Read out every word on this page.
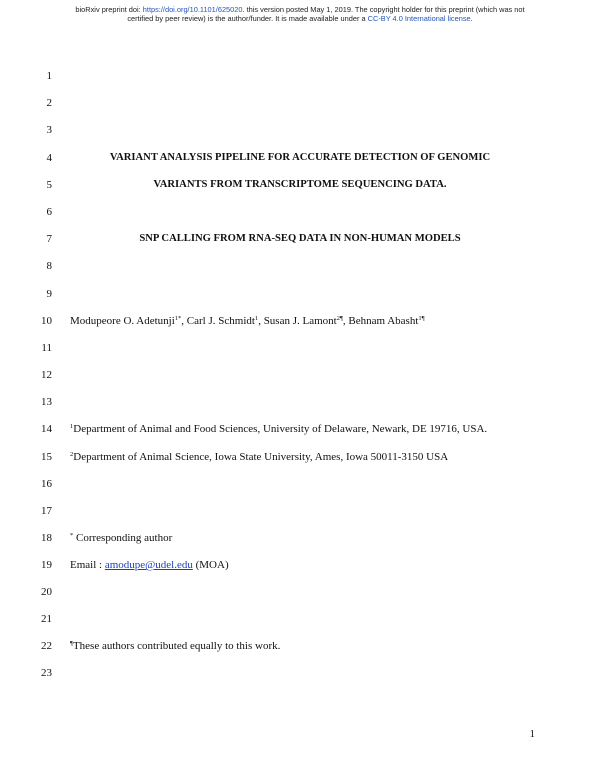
bioRxiv preprint doi: https://doi.org/10.1101/625020. this version posted May 1, 2019. The copyright holder for this preprint (which was not
certified by peer review) is the author/funder. It is made available under a CC-BY 4.0 International license.
1
2
3
4	VARIANT ANALYSIS PIPELINE FOR ACCURATE DETECTION OF GENOMIC
5	VARIANTS FROM TRANSCRIPTOME SEQUENCING DATA.
6
7	SNP CALLING FROM RNA-SEQ DATA IN NON-HUMAN MODELS
8
9
10 Modupeore O. Adetunji$^{1*}$, Carl J. Schmidt$^1$, Susan J. Lamont$^{2\P}$, Behnam Abasht$^{1\P}$
11
12
13
14	$^1$Department of Animal and Food Sciences, University of Delaware, Newark, DE 19716, USA.
15	$^2$Department of Animal Science, Iowa State University, Ames, Iowa 50011-3150 USA
16
17
18	* Corresponding author
19 Email : amodupe@udel.edu (MOA)
20
21
22	¶These authors contributed equally to this work.
23
1
